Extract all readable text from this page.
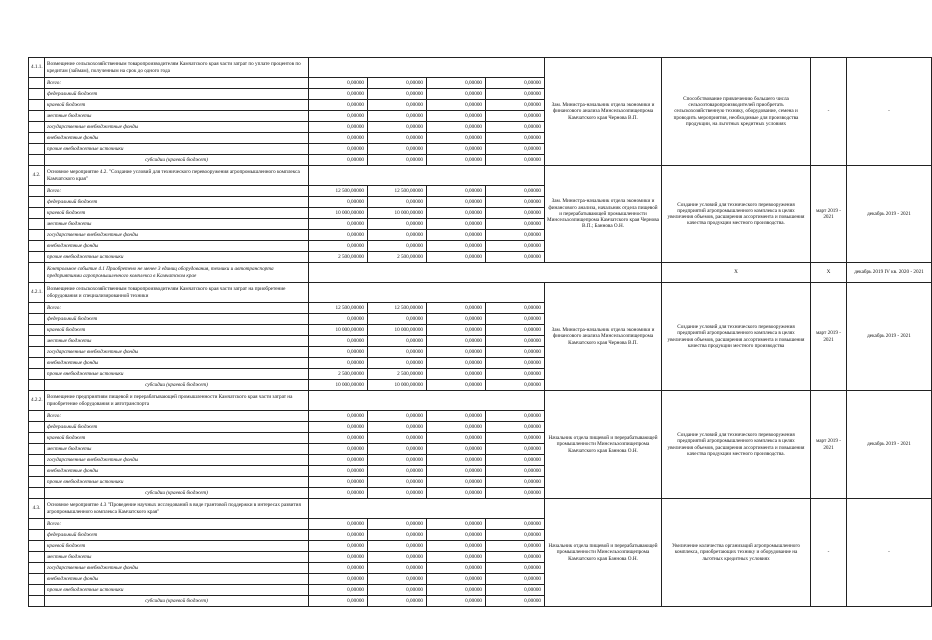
4.1.1.	Возмещение сельскохозяйственным товаропроизводителям Камчатского края части затрат по уплате процентов по кредитам (займам), полученным на срок до одного года					Зам. Министра-начальник отдела экономики и финансового анализа Минсельхозпищепрома Камчатского края Чернова В.П.	Способствование привлечению большего числа сельхозтоваропроизводителей приобретать сельскохозяйственную технику, оборудование, семена и проводить мероприятия, необходимые для производства продукции, на льготных кредитных условиях	-	-
	Всего:	0,00000	0,00000	0,00000	0,00000				
	федеральный бюджет	0,00000	0,00000	0,00000	0,00000				
	краевой бюджет	0,00000	0,00000	0,00000	0,00000				
	местные бюджеты	0,00000	0,00000	0,00000	0,00000				
	государственные внебюджетные фонды	0,00000	0,00000	0,00000	0,00000				
	внебюджетные фонды	0,00000	0,00000	0,00000	0,00000				
	прочие внебюджетные источники	0,00000	0,00000	0,00000	0,00000				
	субсидии (краевой бюджет)	0,00000	0,00000	0,00000	0,00000				
4.2.	Основное мероприятие 4.2. "Создание условий для технического перевооружения агропромышленного комплекса Камчатского края"					Зам. Министра-начальник отдела экономики и финансового анализа, начальник отдела пищевой и перерабатывающей промышленности Минсельхозпищепрома Камчатского края Чернова В.П.; Баннова О.Н.	Создание условий для технического перевооружения предприятий агропромышленного комплекса в целях увеличения объемов, расширения ассортимента и повышения качества продукции местного производства.	март 2019 - 2021	декабрь 2019 - 2021
	Всего:	12 500,00000	12 500,00000	0,00000	0,00000				
	федеральный бюджет	0,00000	0,00000	0,00000	0,00000				
	краевой бюджет	10 000,00000	10 000,00000	0,00000	0,00000				
	местные бюджеты	0,00000	0,00000	0,00000	0,00000				
	государственные внебюджетные фонды	0,00000	0,00000	0,00000	0,00000				
	внебюджетные фонды	0,00000	0,00000	0,00000	0,00000				
	прочие внебюджетные источники	2 500,00000	2 500,00000	0,00000	0,00000				
	Контрольное событие 4.1 Приобретено не менее 3 единиц оборудования, техники и автотранспорта предприятиями агропромышленного комплекса в Камчатском крае						Х	Х	декабрь 2019 IV кв. 2020 - 2021
4.2.1.	Возмещение сельскохозяйственным товаропроизводителям Камчатского края части затрат на приобретение оборудования и специализированной техники					Зам. Министра-начальник отдела экономики и финансового анализа Минсельхозпищепрома Камчатского края Чернова В.П.	Создание условий для технического перевооружения предприятий агропромышленного комплекса в целях увеличения объемов, расширения ассортимента и повышения качества продукции местного производства	март 2019 - 2021	декабрь 2019 - 2021
	Всего:	12 500,00000	12 500,00000	0,00000	0,00000				
	федеральный бюджет	0,00000	0,00000	0,00000	0,00000				
	краевой бюджет	10 000,00000	10 000,00000	0,00000	0,00000				
	местные бюджеты	0,00000	0,00000	0,00000	0,00000				
	государственные внебюджетные фонды	0,00000	0,00000	0,00000	0,00000				
	внебюджетные фонды	0,00000	0,00000	0,00000	0,00000				
	прочие внебюджетные источники	2 500,00000	2 500,00000	0,00000	0,00000				
	субсидии (краевой бюджет)	10 000,00000	10 000,00000	0,00000	0,00000				
4.2.2.	Возмещение предприятиям пищевой и перерабатывающей промышленности Камчатского края части затрат на приобретение оборудования и автотранспорта					Начальник отдела пищевой и перерабатывающей промышленности Минсельхозпищепрома Камчатского края Баннова О.Н.	Создание условий для технического перевооружения предприятий агропромышленного комплекса в целях увеличения объемов, расширения ассортимента и повышения качества продукции местного производства.	март 2019 - 2021	декабрь 2019 - 2021
	Всего:	0,00000	0,00000	0,00000	0,00000				
	федеральный бюджет	0,00000	0,00000	0,00000	0,00000				
	краевой бюджет	0,00000	0,00000	0,00000	0,00000				
	местные бюджеты	0,00000	0,00000	0,00000	0,00000				
	государственные внебюджетные фонды	0,00000	0,00000	0,00000	0,00000				
	внебюджетные фонды	0,00000	0,00000	0,00000	0,00000				
	прочие внебюджетные источники	0,00000	0,00000	0,00000	0,00000				
	субсидии (краевой бюджет)	0,00000	0,00000	0,00000	0,00000				
4.3.	Основное мероприятие 4.3 "Проведение научных исследований в виде грантовой поддержки в интересах развития агропромышленного комплекса Камчатского края"					Начальник отдела пищевой и перерабатывающей промышленности Минсельхозпищепрома Камчатского края Баннова О.Н.	Увеличение количества организаций агропромышленного комплекса, приобретающих технику и оборудование на льготных кредитных условиях	-	-
	Всего:	0,00000	0,00000	0,00000	0,00000				
	федеральный бюджет	0,00000	0,00000	0,00000	0,00000				
	краевой бюджет	0,00000	0,00000	0,00000	0,00000				
	местные бюджеты	0,00000	0,00000	0,00000	0,00000				
	государственные внебюджетные фонды	0,00000	0,00000	0,00000	0,00000				
	внебюджетные фонды	0,00000	0,00000	0,00000	0,00000				
	прочие внебюджетные источники	0,00000	0,00000	0,00000	0,00000				
	субсидии (краевой бюджет)	0,00000	0,00000	0,00000	0,00000				
